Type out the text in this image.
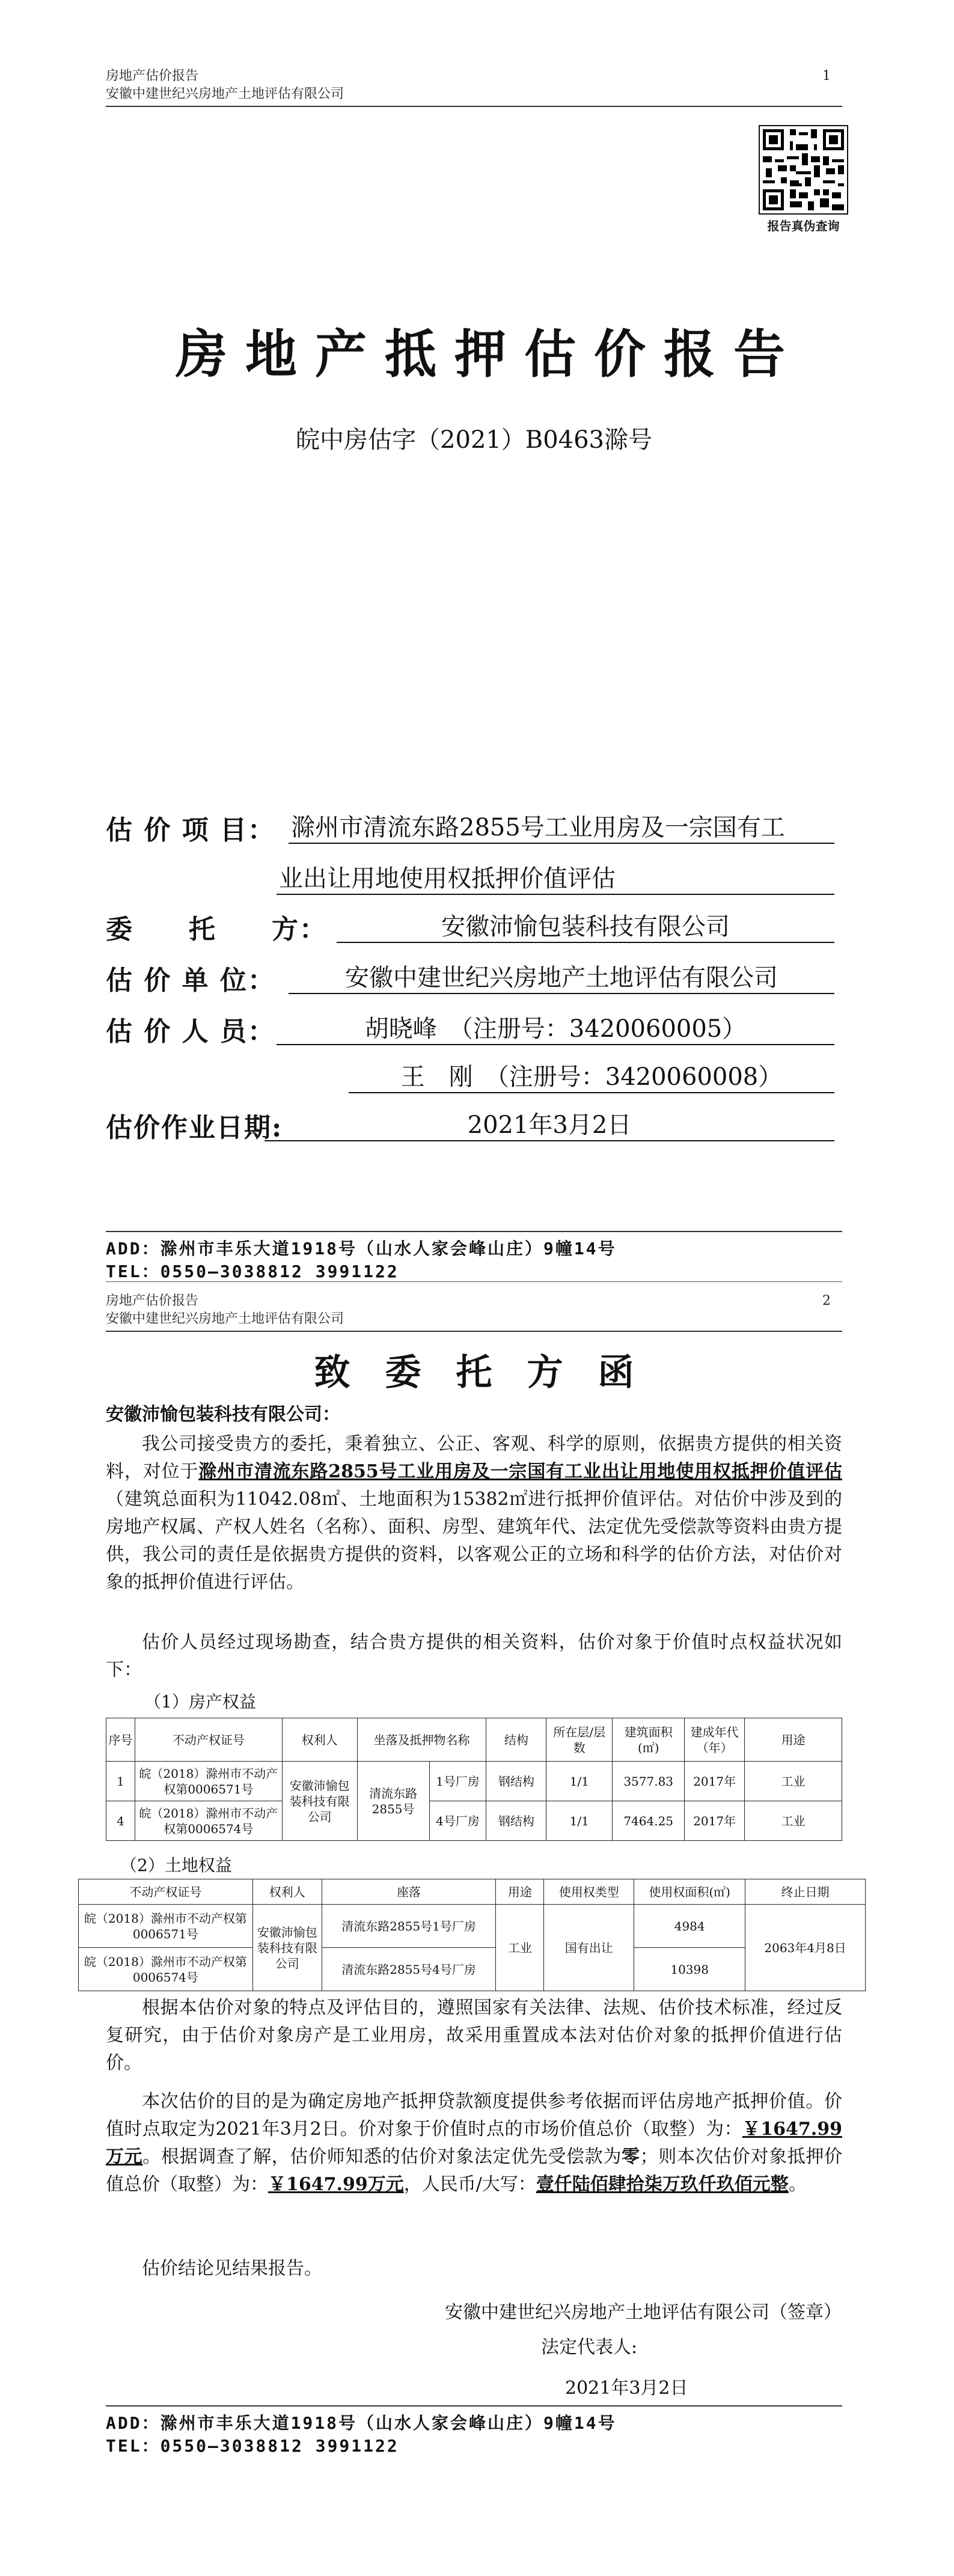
房地产估价报告	1
安徽中建世纪兴房地产土地评估有限公司
报告真伪查询
房地产抵押估价报告
皖中房估字（2021）B0463滁号
估 价 项 目： 滁州市清流东路2855号工业用房及一宗国有工
业出让用地使用权抵押价值评估
委　　托　　方：	安徽沛愉包装科技有限公司
估 价 单 位：	安徽中建世纪兴房地产土地评估有限公司
估 价 人 员：	胡晓峰　（注册号：3420060005）
王　刚　（注册号：3420060008）
估价作业日期:	2021年3月2日
ADD：滁州市丰乐大道1918号（山水人家会峰山庄）9幢14号
TEL：0550—3038812 3991122
房地产估价报告	2
安徽中建世纪兴房地产土地评估有限公司
致委托方函
安徽沛愉包装科技有限公司：
我公司接受贵方的委托，秉着独立、公正、客观、科学的原则，依据贵方提供的相关资料，对位于滁州市清流东路2855号工业用房及一宗国有工业出让用地使用权抵押价值评估（建筑总面积为11042.08㎡、土地面积为15382㎡进行抵押价值评估。对估价中涉及到的房地产权属、产权人姓名（名称）、面积、房型、建筑年代、法定优先受偿款等资料由贵方提供，我公司的责任是依据贵方提供的资料，以客观公正的立场和科学的估价方法，对估价对象的抵押价值进行评估。
估价人员经过现场勘查，结合贵方提供的相关资料，估价对象于价值时点权益状况如下：
（1）房产权益
序号	不动产权证号	权利人	坐落及抵押物名称		结构	所在层/层数	建筑面积(㎡)	建成年代（年）	用途
1	皖（2018）滁州市不动产权第0006571号	安徽沛愉包装科技有限公司	清流东路2855号	1号厂房	钢结构	1/1	3577.83	2017年	工业
4	皖（2018）滁州市不动产权第0006574号			4号厂房	钢结构	1/1	7464.25	2017年	工业
（2）土地权益
不动产权证号	权利人	座落	用途	使用权类型	使用权面积(㎡)	终止日期
皖（2018）滁州市不动产权第0006571号	安徽沛愉包装科技有限公司	清流东路2855号1号厂房	工业	国有出让	4984	2063年4月8日
皖（2018）滁州市不动产权第0006574号		清流东路2855号4号厂房			10398	
根据本估价对象的特点及评估目的，遵照国家有关法律、法规、估价技术标准，经过反复研究，由于估价对象房产是工业用房，故采用重置成本法对估价对象的抵押价值进行估价。
本次估价的目的是为确定房地产抵押贷款额度提供参考依据而评估房地产抵押价值。价值时点取定为2021年3月2日。价对象于价值时点的市场价值总价（取整）为：￥1647.99万元。根据调查了解，估价师知悉的估价对象法定优先受偿款为零；则本次估价对象抵押价值总价（取整）为：￥1647.99万元，人民币/大写：壹仟陆佰肆拾柒万玖仟玖佰元整。
估价结论见结果报告。
安徽中建世纪兴房地产土地评估有限公司（签章）
法定代表人:
2021年3月2日
ADD：滁州市丰乐大道1918号（山水人家会峰山庄）9幢14号
TEL：0550—3038812 3991122
